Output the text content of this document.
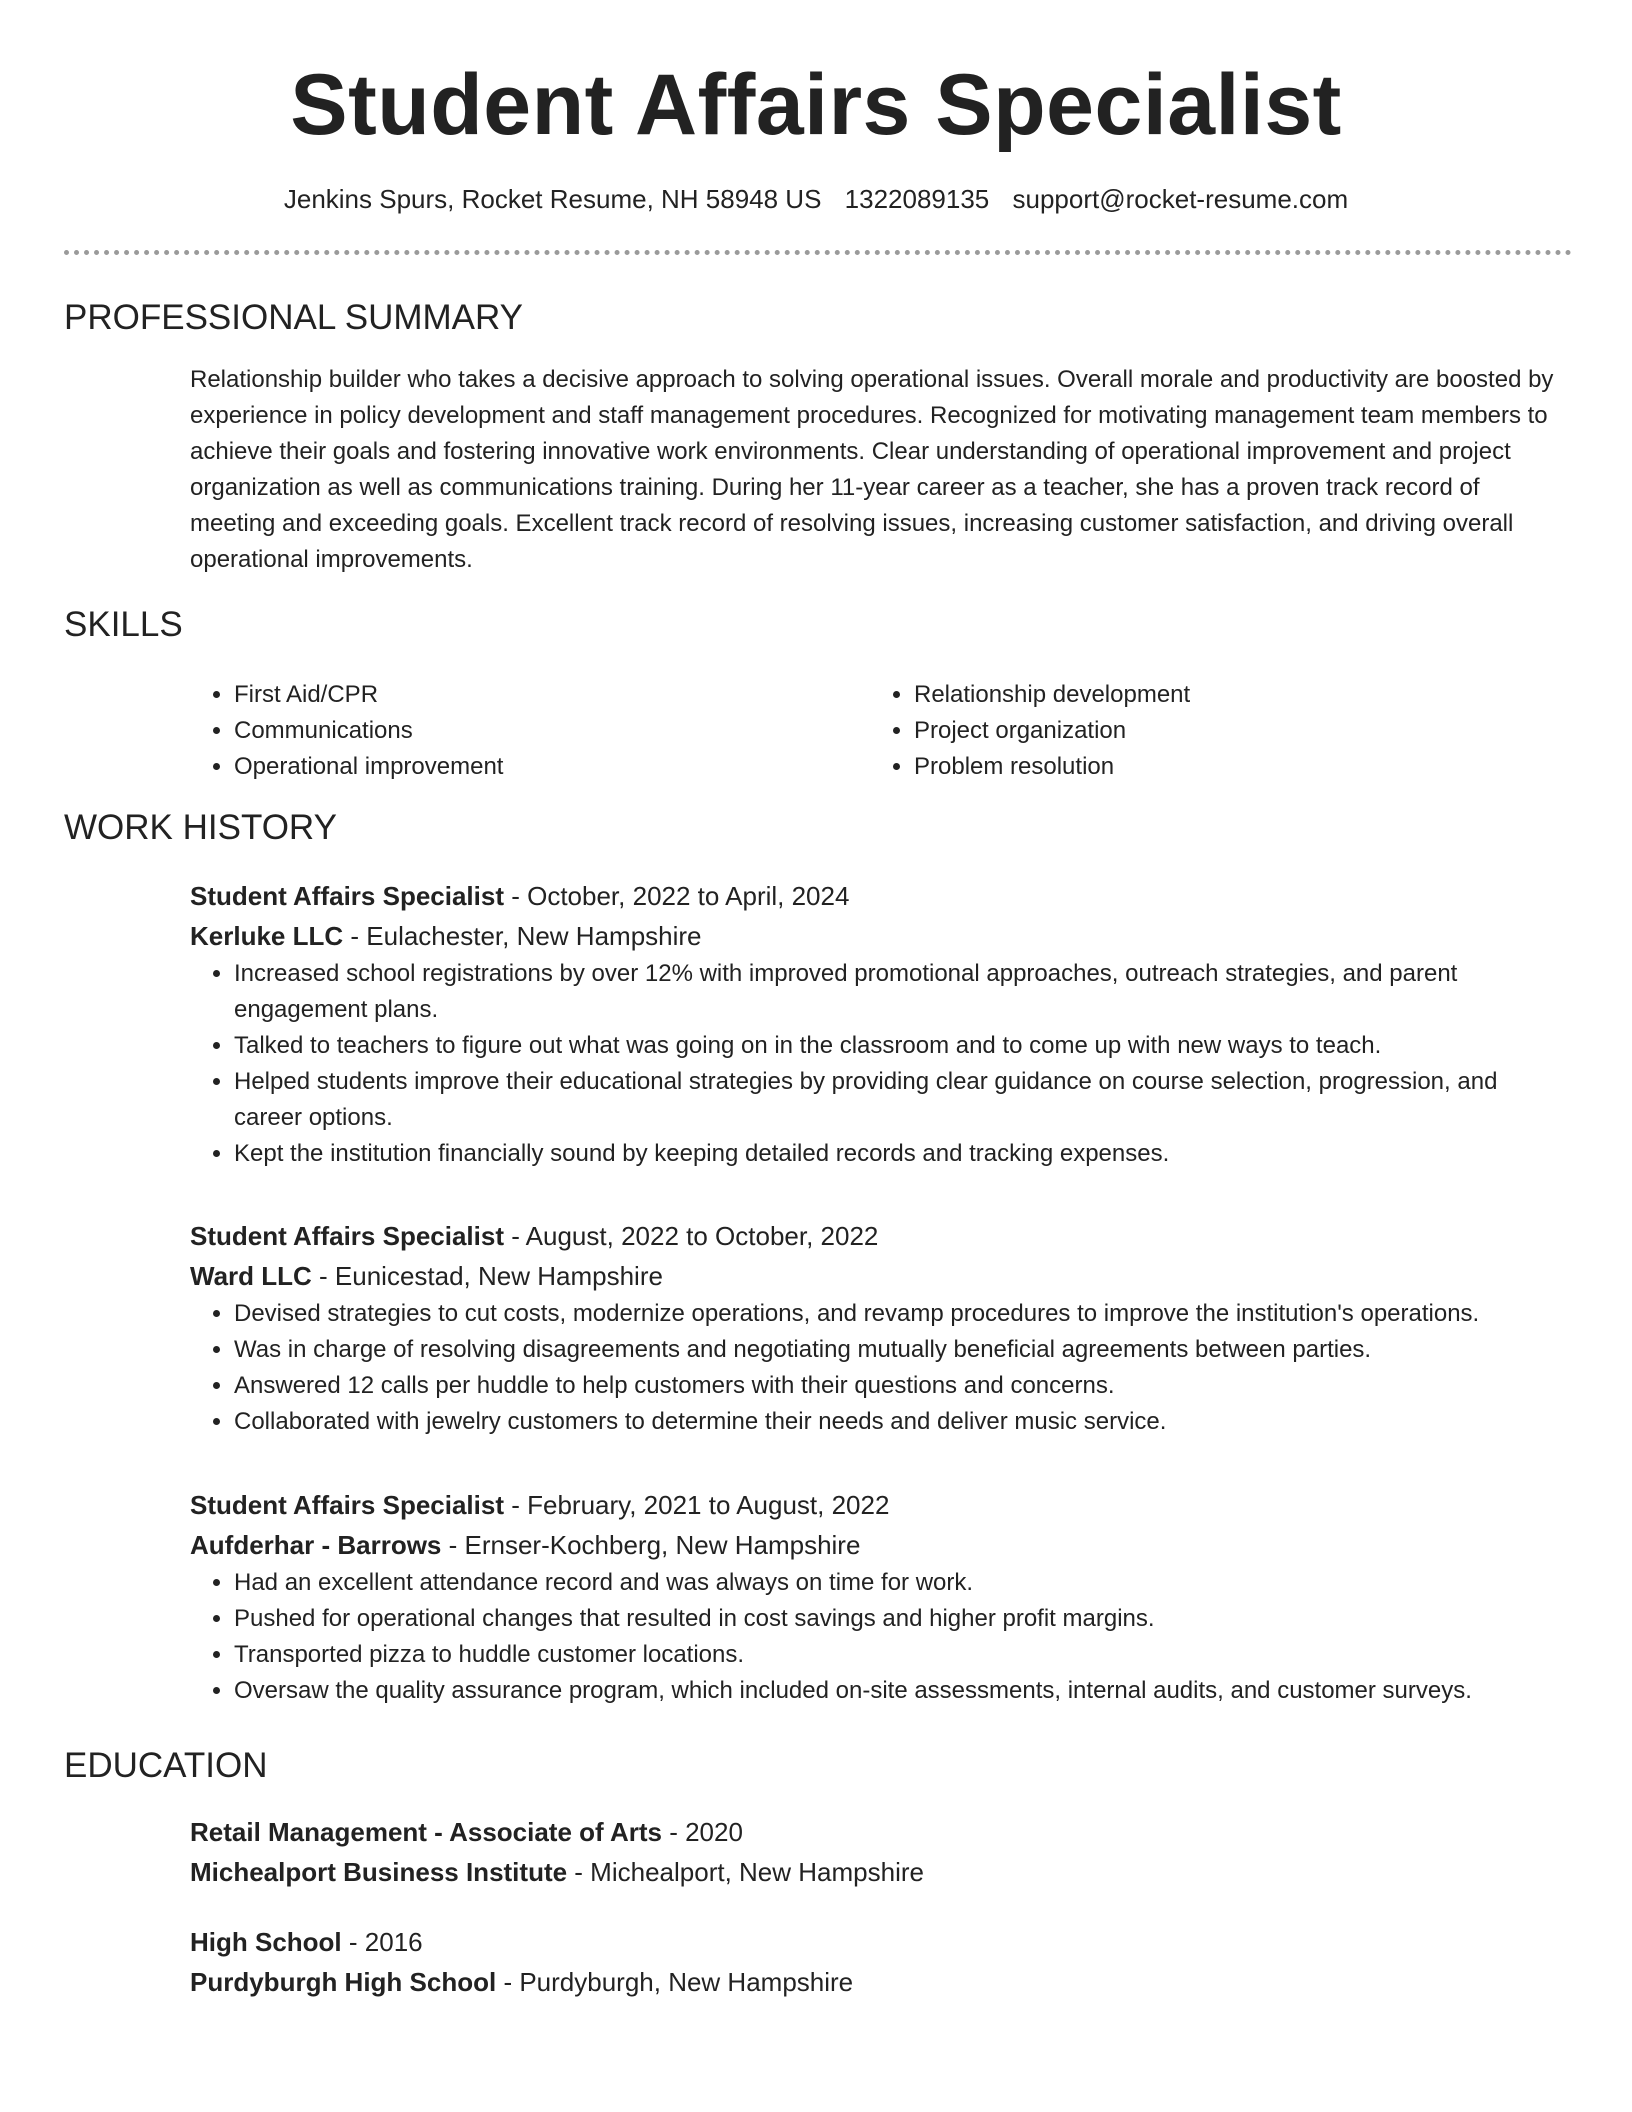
Student Affairs Specialist
Jenkins Spurs, Rocket Resume, NH 58948 US 1322089135 support@rocket-resume.com
PROFESSIONAL SUMMARY
Relationship builder who takes a decisive approach to solving operational issues. Overall morale and productivity are boosted by experience in policy development and staff management procedures. Recognized for motivating management team members to achieve their goals and fostering innovative work environments. Clear understanding of operational improvement and project organization as well as communications training. During her 11-year career as a teacher, she has a proven track record of meeting and exceeding goals. Excellent track record of resolving issues, increasing customer satisfaction, and driving overall operational improvements.
SKILLS
• First Aid/CPR
• Communications
• Operational improvement
• Relationship development
• Project organization
• Problem resolution
WORK HISTORY
Student Affairs Specialist - October, 2022 to April, 2024
Kerluke LLC - Eulachester, New Hampshire
• Increased school registrations by over 12% with improved promotional approaches, outreach strategies, and parent engagement plans.
• Talked to teachers to figure out what was going on in the classroom and to come up with new ways to teach.
• Helped students improve their educational strategies by providing clear guidance on course selection, progression, and career options.
• Kept the institution financially sound by keeping detailed records and tracking expenses.
Student Affairs Specialist - August, 2022 to October, 2022
Ward LLC - Eunicestad, New Hampshire
• Devised strategies to cut costs, modernize operations, and revamp procedures to improve the institution's operations.
• Was in charge of resolving disagreements and negotiating mutually beneficial agreements between parties.
• Answered 12 calls per huddle to help customers with their questions and concerns.
• Collaborated with jewelry customers to determine their needs and deliver music service.
Student Affairs Specialist - February, 2021 to August, 2022
Aufderhar - Barrows - Ernser-Kochberg, New Hampshire
• Had an excellent attendance record and was always on time for work.
• Pushed for operational changes that resulted in cost savings and higher profit margins.
• Transported pizza to huddle customer locations.
• Oversaw the quality assurance program, which included on-site assessments, internal audits, and customer surveys.
EDUCATION
Retail Management - Associate of Arts - 2020
Michealport Business Institute - Michealport, New Hampshire
High School - 2016
Purdyburgh High School - Purdyburgh, New Hampshire
